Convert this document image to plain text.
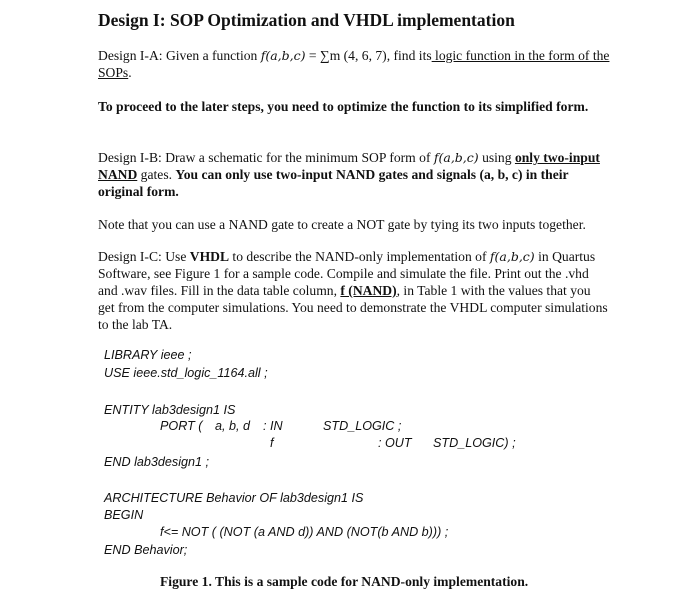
Design I: SOP Optimization and VHDL implementation
Design I-A: Given a function f(a,b,c) = ∑m (4, 6, 7), find its logic function in the form of the SOPs.
To proceed to the later steps, you need to optimize the function to its simplified form.
Design I-B: Draw a schematic for the minimum SOP form of f(a,b,c) using only two-input NAND gates. You can only use two-input NAND gates and signals (a, b, c) in their original form.
Note that you can use a NAND gate to create a NOT gate by tying its two inputs together.
Design I-C: Use VHDL to describe the NAND-only implementation of f(a,b,c) in Quartus Software, see Figure 1 for a sample code. Compile and simulate the file. Print out the .vhd and .wav files. Fill in the data table column, f (NAND), in Table 1 with the values that you get from the computer simulations. You need to demonstrate the VHDL computer simulations to the lab TA.
LIBRARY ieee ;
USE ieee.std_logic_1164.all ;
ENTITY lab3design1 IS
PORT ( a, b, d : IN	STD_LOGIC ;
f	: OUT STD_LOGIC) ;
END lab3design1 ;
ARCHITECTURE Behavior OF lab3design1 IS
BEGIN
f<= NOT ( (NOT (a AND d)) AND (NOT(b AND b))) ;
END Behavior;
Figure 1. This is a sample code for NAND-only implementation.
